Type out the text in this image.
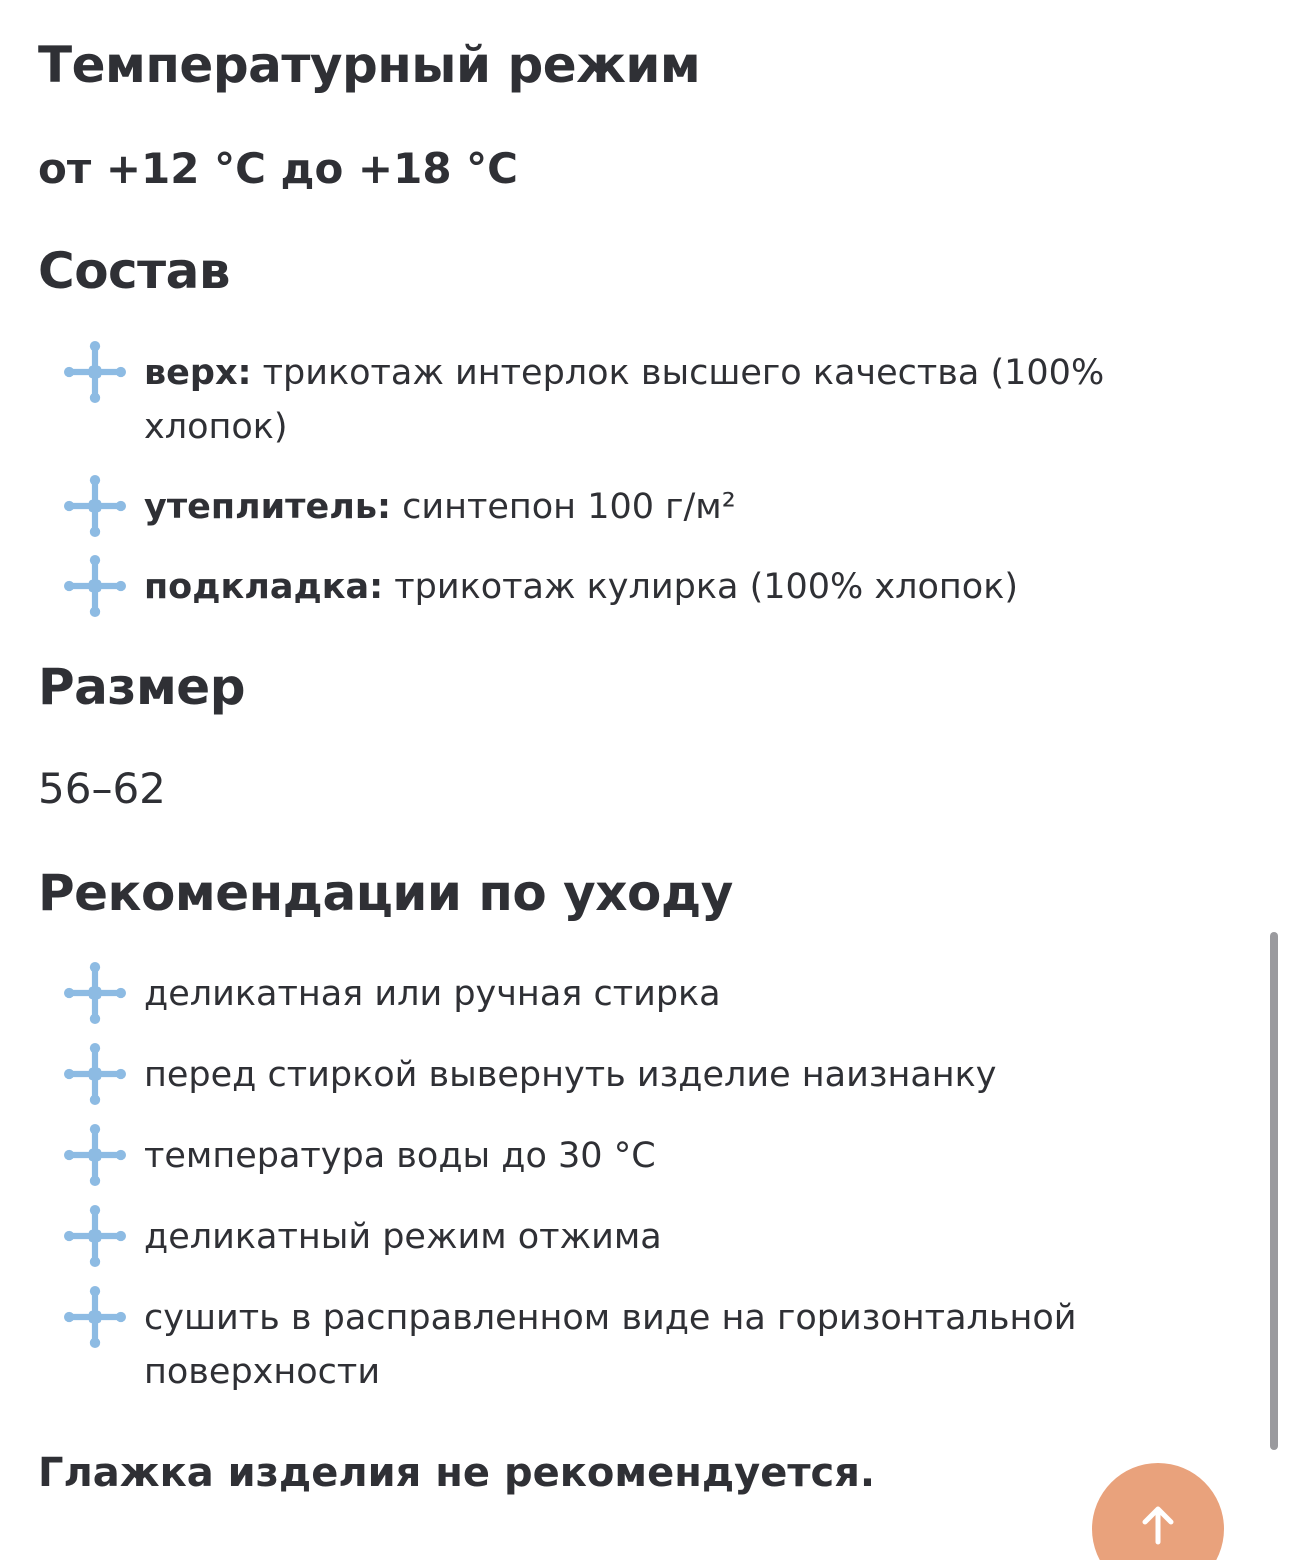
Температурный режим

от +12 °C до +18 °C

Состав
верх: трикотаж интерлок высшего качества (100% хлопок)
утеплитель: синтепон 100 г/м²
подкладка: трикотаж кулирка (100% хлопок)
Размер

56–62

Рекомендации по уходу
деликатная или ручная стирка
перед стиркой вывернуть изделие наизнанку
температура воды до 30 °C
деликатный режим отжима
сушить в расправленном виде на горизонтальной поверхности

Глажка изделия не рекомендуется.
